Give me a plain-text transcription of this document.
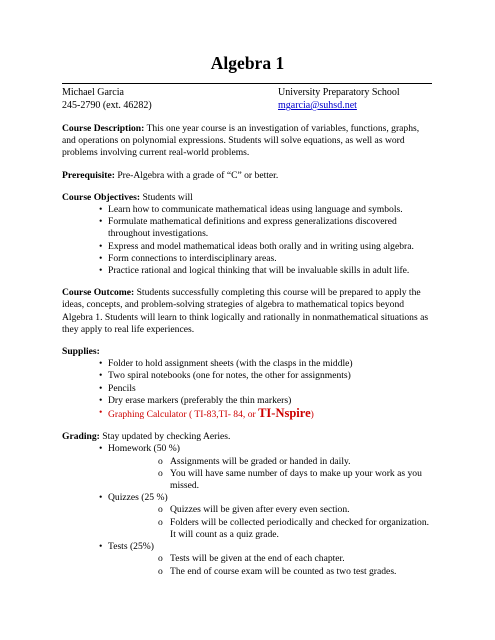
Algebra 1
Michael Garcia
245-2790 (ext. 46282)
University Preparatory School
mgarcia@suhsd.net

Course Description: This one year course is an investigation of variables, functions, graphs, and operations on polynomial expressions. Students will solve equations, as well as word problems involving current real-world problems.

Prerequisite: Pre-Algebra with a grade of “C” or better.

Course Objectives: Students will
• Learn how to communicate mathematical ideas using language and symbols.
• Formulate mathematical definitions and express generalizations discovered throughout investigations.
• Express and model mathematical ideas both orally and in writing using algebra.
• Form connections to interdisciplinary areas.
• Practice rational and logical thinking that will be invaluable skills in adult life.

Course Outcome: Students successfully completing this course will be prepared to apply the ideas, concepts, and problem-solving strategies of algebra to mathematical topics beyond Algebra 1. Students will learn to think logically and rationally in nonmathematical situations as they apply to real life experiences.

Supplies:
• Folder to hold assignment sheets (with the clasps in the middle)
• Two spiral notebooks (one for notes, the other for assignments)
• Pencils
• Dry erase markers (preferably the thin markers)
• Graphing Calculator ( TI-83,TI- 84, or TI-Nspire)
Grading: Stay updated by checking Aeries.
• Homework (50 %)
o Assignments will be graded or handed in daily.
o You will have same number of days to make up your work as you missed.
• Quizzes (25 %)
o Quizzes will be given after every even section.
o Folders will be collected periodically and checked for organization. It will count as a quiz grade.
• Tests (25%)
o Tests will be given at the end of each chapter.
o The end of course exam will be counted as two test grades.
